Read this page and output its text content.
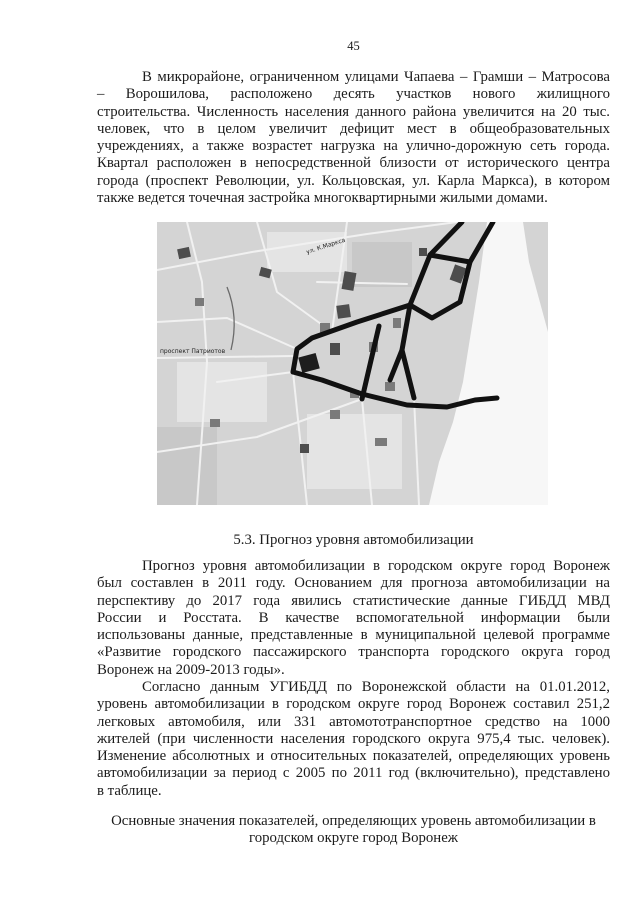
45
В микрорайоне, ограниченном улицами Чапаева – Грамши – Матросова
– Ворошилова, расположено десять участков нового жилищного
строительства. Численность населения данного района увеличится на 20 тыс.
человек, что в целом увеличит дефицит мест в общеобразовательных
учреждениях, а также возрастет нагрузка на улично-дорожную сеть города.
Квартал расположен в непосредственной близости от исторического центра
города (проспект Революции, ул. Кольцовская, ул. Карла Маркса), в котором
также ведется точечная застройка многоквартирными жилыми домами.
ул. К.Маркса
проспект Патриотов
5.3. Прогноз уровня автомобилизации
Прогноз уровня автомобилизации в городском округе город Воронеж
был составлен в 2011 году. Основанием для прогноза автомобилизации на
перспективу до 2017 года явились статистические данные ГИБДД МВД
России и Росстата. В качестве вспомогательной информации были
использованы данные, представленные в муниципальной целевой программе
«Развитие городского пассажирского транспорта городского округа город
Воронеж на 2009-2013 годы».
Согласно данным УГИБДД по Воронежской области на 01.01.2012,
уровень автомобилизации в городском округе город Воронеж составил 251,2
легковых автомобиля, или 331 автомототранспортное средство на 1000
жителей (при численности населения городского округа 975,4 тыс. человек).
Изменение абсолютных и относительных показателей, определяющих уровень
автомобилизации за период с 2005 по 2011 год (включительно), представлено
в таблице.
Основные значения показателей, определяющих уровень автомобилизации в
городском округе город Воронеж
